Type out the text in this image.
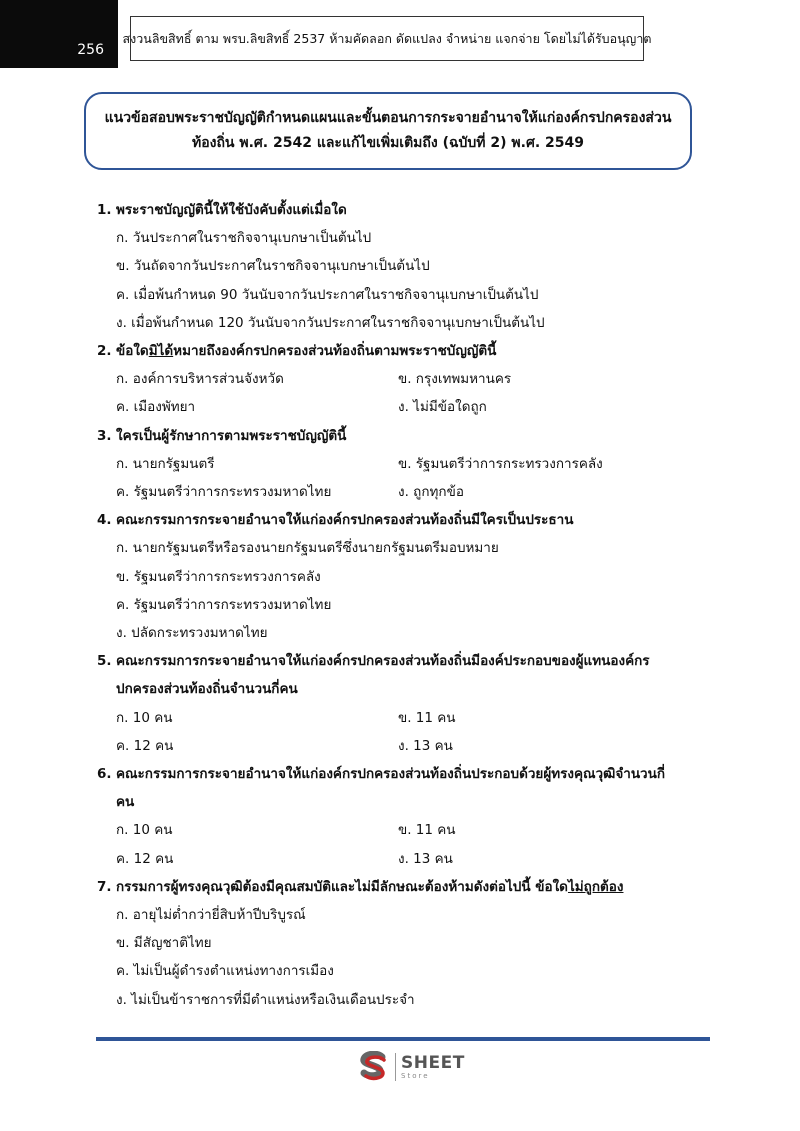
256
สงวนลิขสิทธิ์ ตาม พรบ.ลิขสิทธิ์ 2537 ห้ามคัดลอก ดัดแปลง จำหน่าย แจกจ่าย โดยไม่ได้รับอนุญาต
แนวข้อสอบพระราชบัญญัติกำหนดแผนและขั้นตอนการกระจายอำนาจให้แก่องค์กรปกครองส่วน
ท้องถิ่น พ.ศ. 2542 และแก้ไขเพิ่มเติมถึง (ฉบับที่ 2) พ.ศ. 2549
1. พระราชบัญญัตินี้ให้ใช้บังคับตั้งแต่เมื่อใด
ก. วันประกาศในราชกิจจานุเบกษาเป็นต้นไป
ข. วันถัดจากวันประกาศในราชกิจจานุเบกษาเป็นต้นไป
ค. เมื่อพ้นกำหนด 90 วันนับจากวันประกาศในราชกิจจานุเบกษาเป็นต้นไป
ง. เมื่อพ้นกำหนด 120 วันนับจากวันประกาศในราชกิจจานุเบกษาเป็นต้นไป
2. ข้อใดมิได้หมายถึงองค์กรปกครองส่วนท้องถิ่นตามพระราชบัญญัตินี้
ก. องค์การบริหารส่วนจังหวัด	ข. กรุงเทพมหานคร
ค. เมืองพัทยา	ง. ไม่มีข้อใดถูก
3. ใครเป็นผู้รักษาการตามพระราชบัญญัตินี้
ก. นายกรัฐมนตรี	ข. รัฐมนตรีว่าการกระทรวงการคลัง
ค. รัฐมนตรีว่าการกระทรวงมหาดไทย	ง. ถูกทุกข้อ
4. คณะกรรมการกระจายอำนาจให้แก่องค์กรปกครองส่วนท้องถิ่นมีใครเป็นประธาน
ก. นายกรัฐมนตรีหรือรองนายกรัฐมนตรีซึ่งนายกรัฐมนตรีมอบหมาย
ข. รัฐมนตรีว่าการกระทรวงการคลัง
ค. รัฐมนตรีว่าการกระทรวงมหาดไทย
ง. ปลัดกระทรวงมหาดไทย
5. คณะกรรมการกระจายอำนาจให้แก่องค์กรปกครองส่วนท้องถิ่นมีองค์ประกอบของผู้แทนองค์กร
ปกครองส่วนท้องถิ่นจำนวนกี่คน
ก. 10 คน	ข. 11 คน
ค. 12 คน	ง. 13 คน
6. คณะกรรมการกระจายอำนาจให้แก่องค์กรปกครองส่วนท้องถิ่นประกอบด้วยผู้ทรงคุณวุฒิจำนวนกี่
คน
ก. 10 คน	ข. 11 คน
ค. 12 คน	ง. 13 คน
7. กรรมการผู้ทรงคุณวุฒิต้องมีคุณสมบัติและไม่มีลักษณะต้องห้ามดังต่อไปนี้ ข้อใดไม่ถูกต้อง
ก. อายุไม่ต่ำกว่ายี่สิบห้าปีบริบูรณ์
ข. มีสัญชาติไทย
ค. ไม่เป็นผู้ดำรงตำแหน่งทางการเมือง
ง. ไม่เป็นข้าราชการที่มีตำแหน่งหรือเงินเดือนประจำ
SHEET
Store
